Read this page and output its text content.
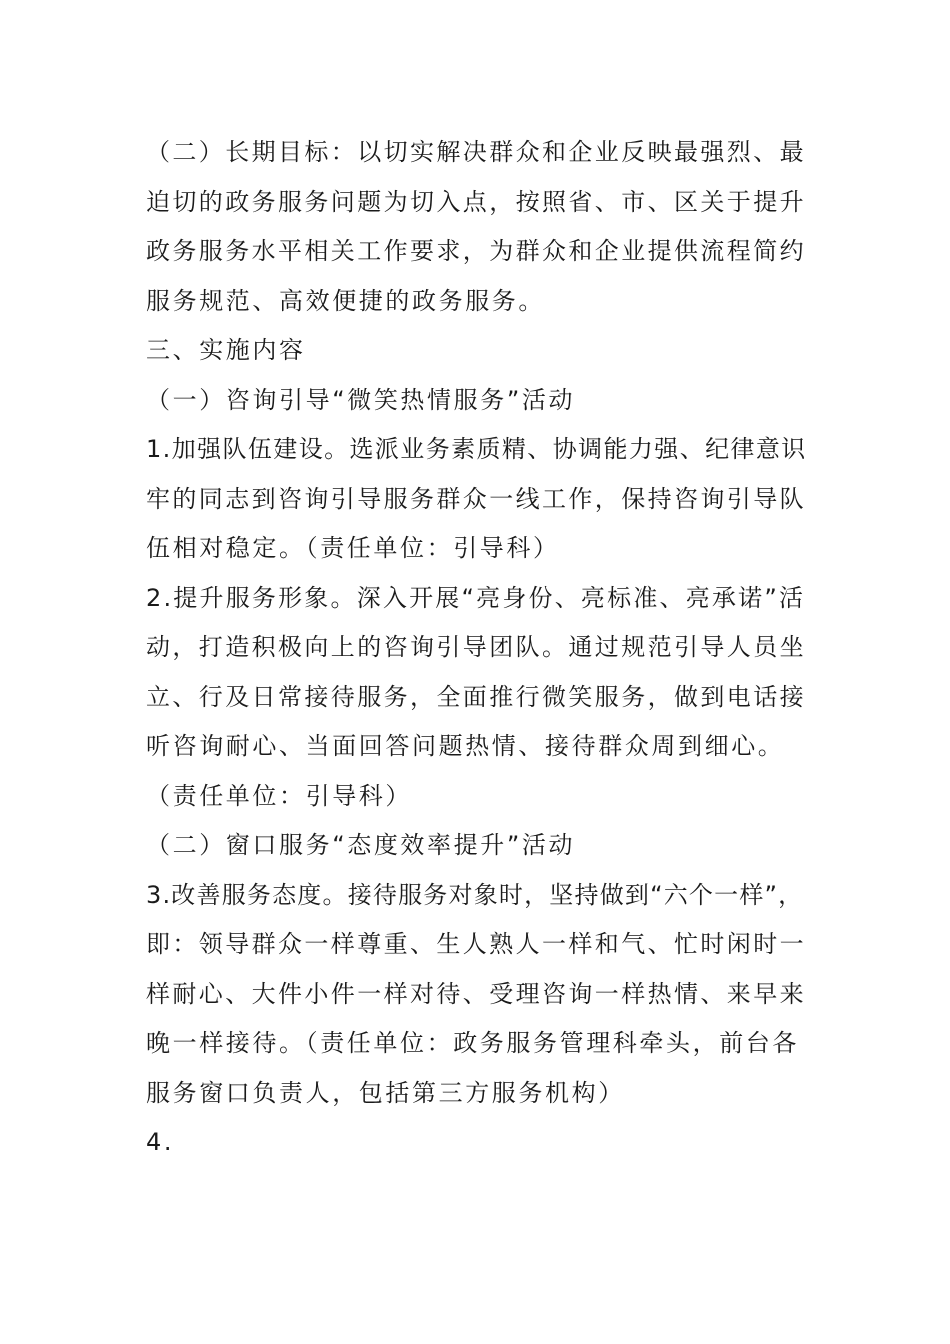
（二）长期目标：以切实解决群众和企业反映最强烈、最
迫切的政务服务问题为切入点，按照省、市、区关于提升
政务服务水平相关工作要求，为群众和企业提供流程简约
服务规范、高效便捷的政务服务。
三、实施内容
（一）咨询引导“微笑热情服务”活动
1.加强队伍建设。选派业务素质精、协调能力强、纪律意识
牢的同志到咨询引导服务群众一线工作，保持咨询引导队
伍相对稳定。（责任单位：引导科）
2.提升服务形象。深入开展“亮身份、亮标准、亮承诺”活
动，打造积极向上的咨询引导团队。通过规范引导人员坐
立、行及日常接待服务，全面推行微笑服务，做到电话接
听咨询耐心、当面回答问题热情、接待群众周到细心。
（责任单位：引导科）
（二）窗口服务“态度效率提升”活动
3.改善服务态度。接待服务对象时，坚持做到“六个一样”，
即：领导群众一样尊重、生人熟人一样和气、忙时闲时一
样耐心、大件小件一样对待、受理咨询一样热情、来早来
晚一样接待。（责任单位：政务服务管理科牵头，前台各
服务窗口负责人，包括第三方服务机构）
4.
